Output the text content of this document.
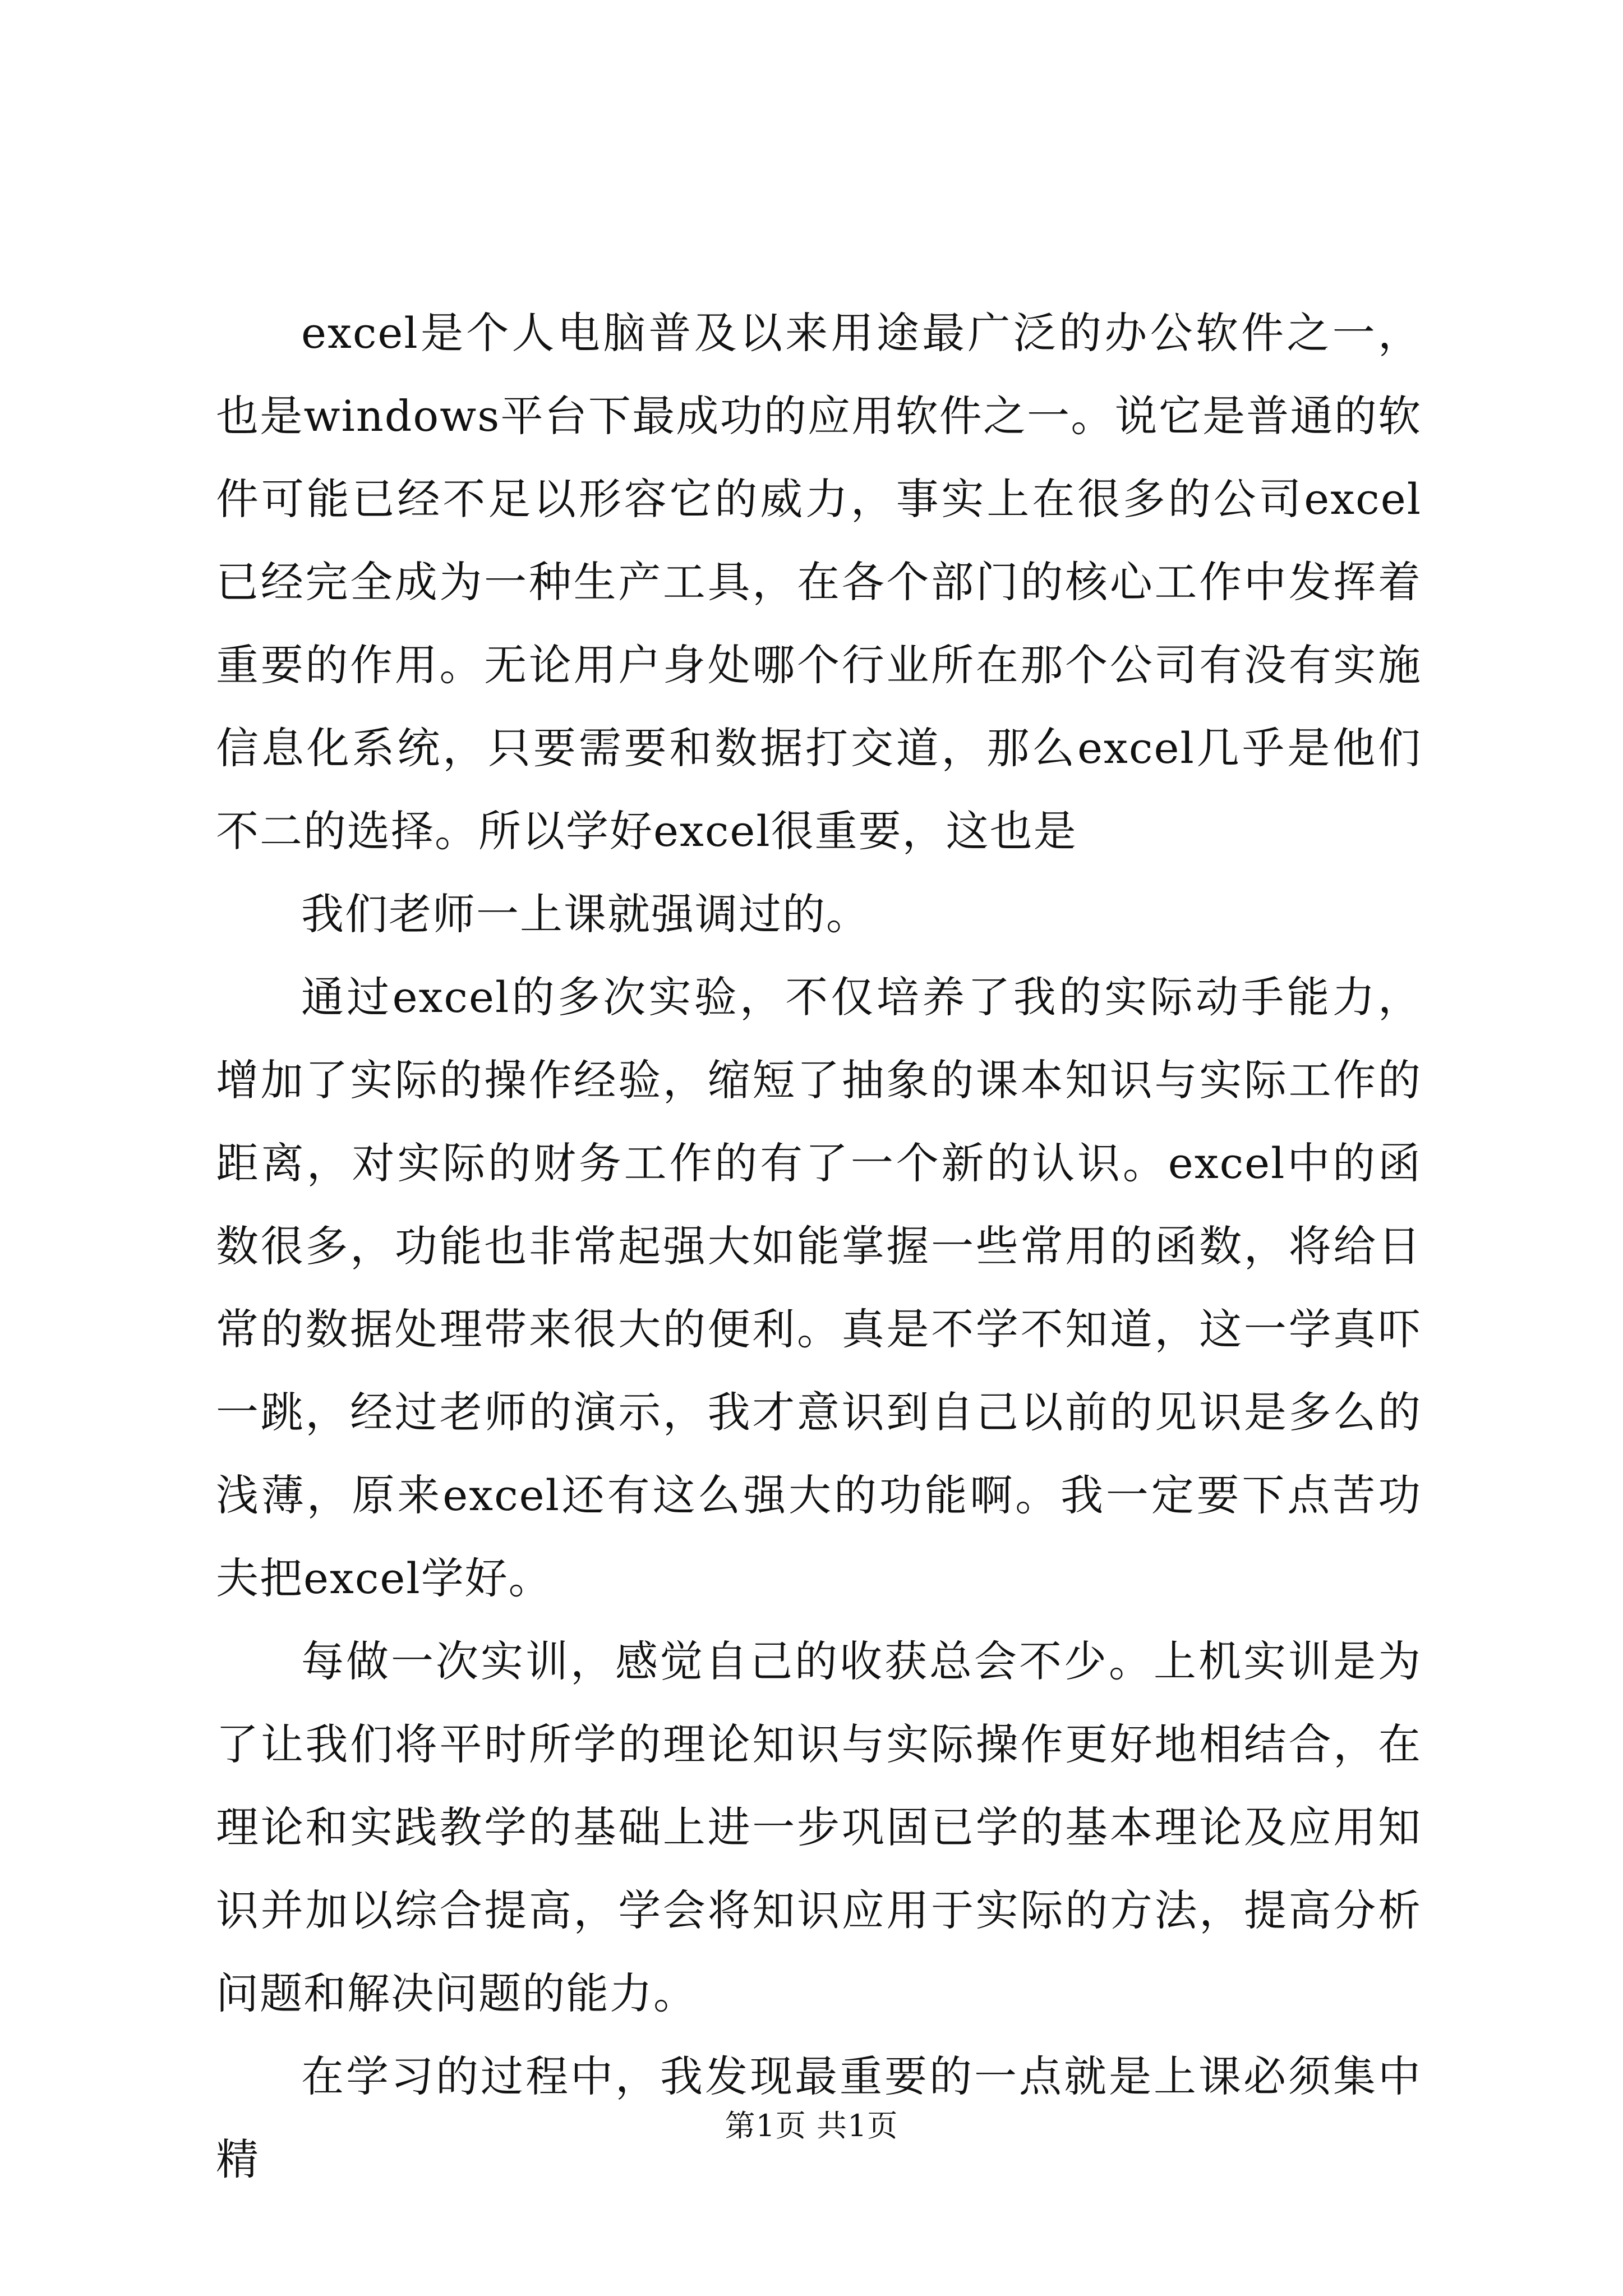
excel是个人电脑普及以来用途最广泛的办公软件之一，也是windows平台下最成功的应用软件之一。说它是普通的软件可能已经不足以形容它的威力，事实上在很多的公司excel已经完全成为一种生产工具，在各个部门的核心工作中发挥着重要的作用。无论用户身处哪个行业所在那个公司有没有实施信息化系统，只要需要和数据打交道，那么excel几乎是他们不二的选择。所以学好excel很重要，这也是

我们老师一上课就强调过的。

通过excel的多次实验，不仅培养了我的实际动手能力，增加了实际的操作经验，缩短了抽象的课本知识与实际工作的距离，对实际的财务工作的有了一个新的认识。excel中的函数很多，功能也非常起强大如能掌握一些常用的函数，将给日常的数据处理带来很大的便利。真是不学不知道，这一学真吓一跳，经过老师的演示，我才意识到自己以前的见识是多么的浅薄，原来excel还有这么强大的功能啊。我一定要下点苦功夫把excel学好。

每做一次实训，感觉自己的收获总会不少。上机实训是为了让我们将平时所学的理论知识与实际操作更好地相结合，在理论和实践教学的基础上进一步巩固已学的基本理论及应用知识并加以综合提高，学会将知识应用于实际的方法，提高分析问题和解决问题的能力。

在学习的过程中，我发现最重要的一点就是上课必须集中精

第1页 共1页
